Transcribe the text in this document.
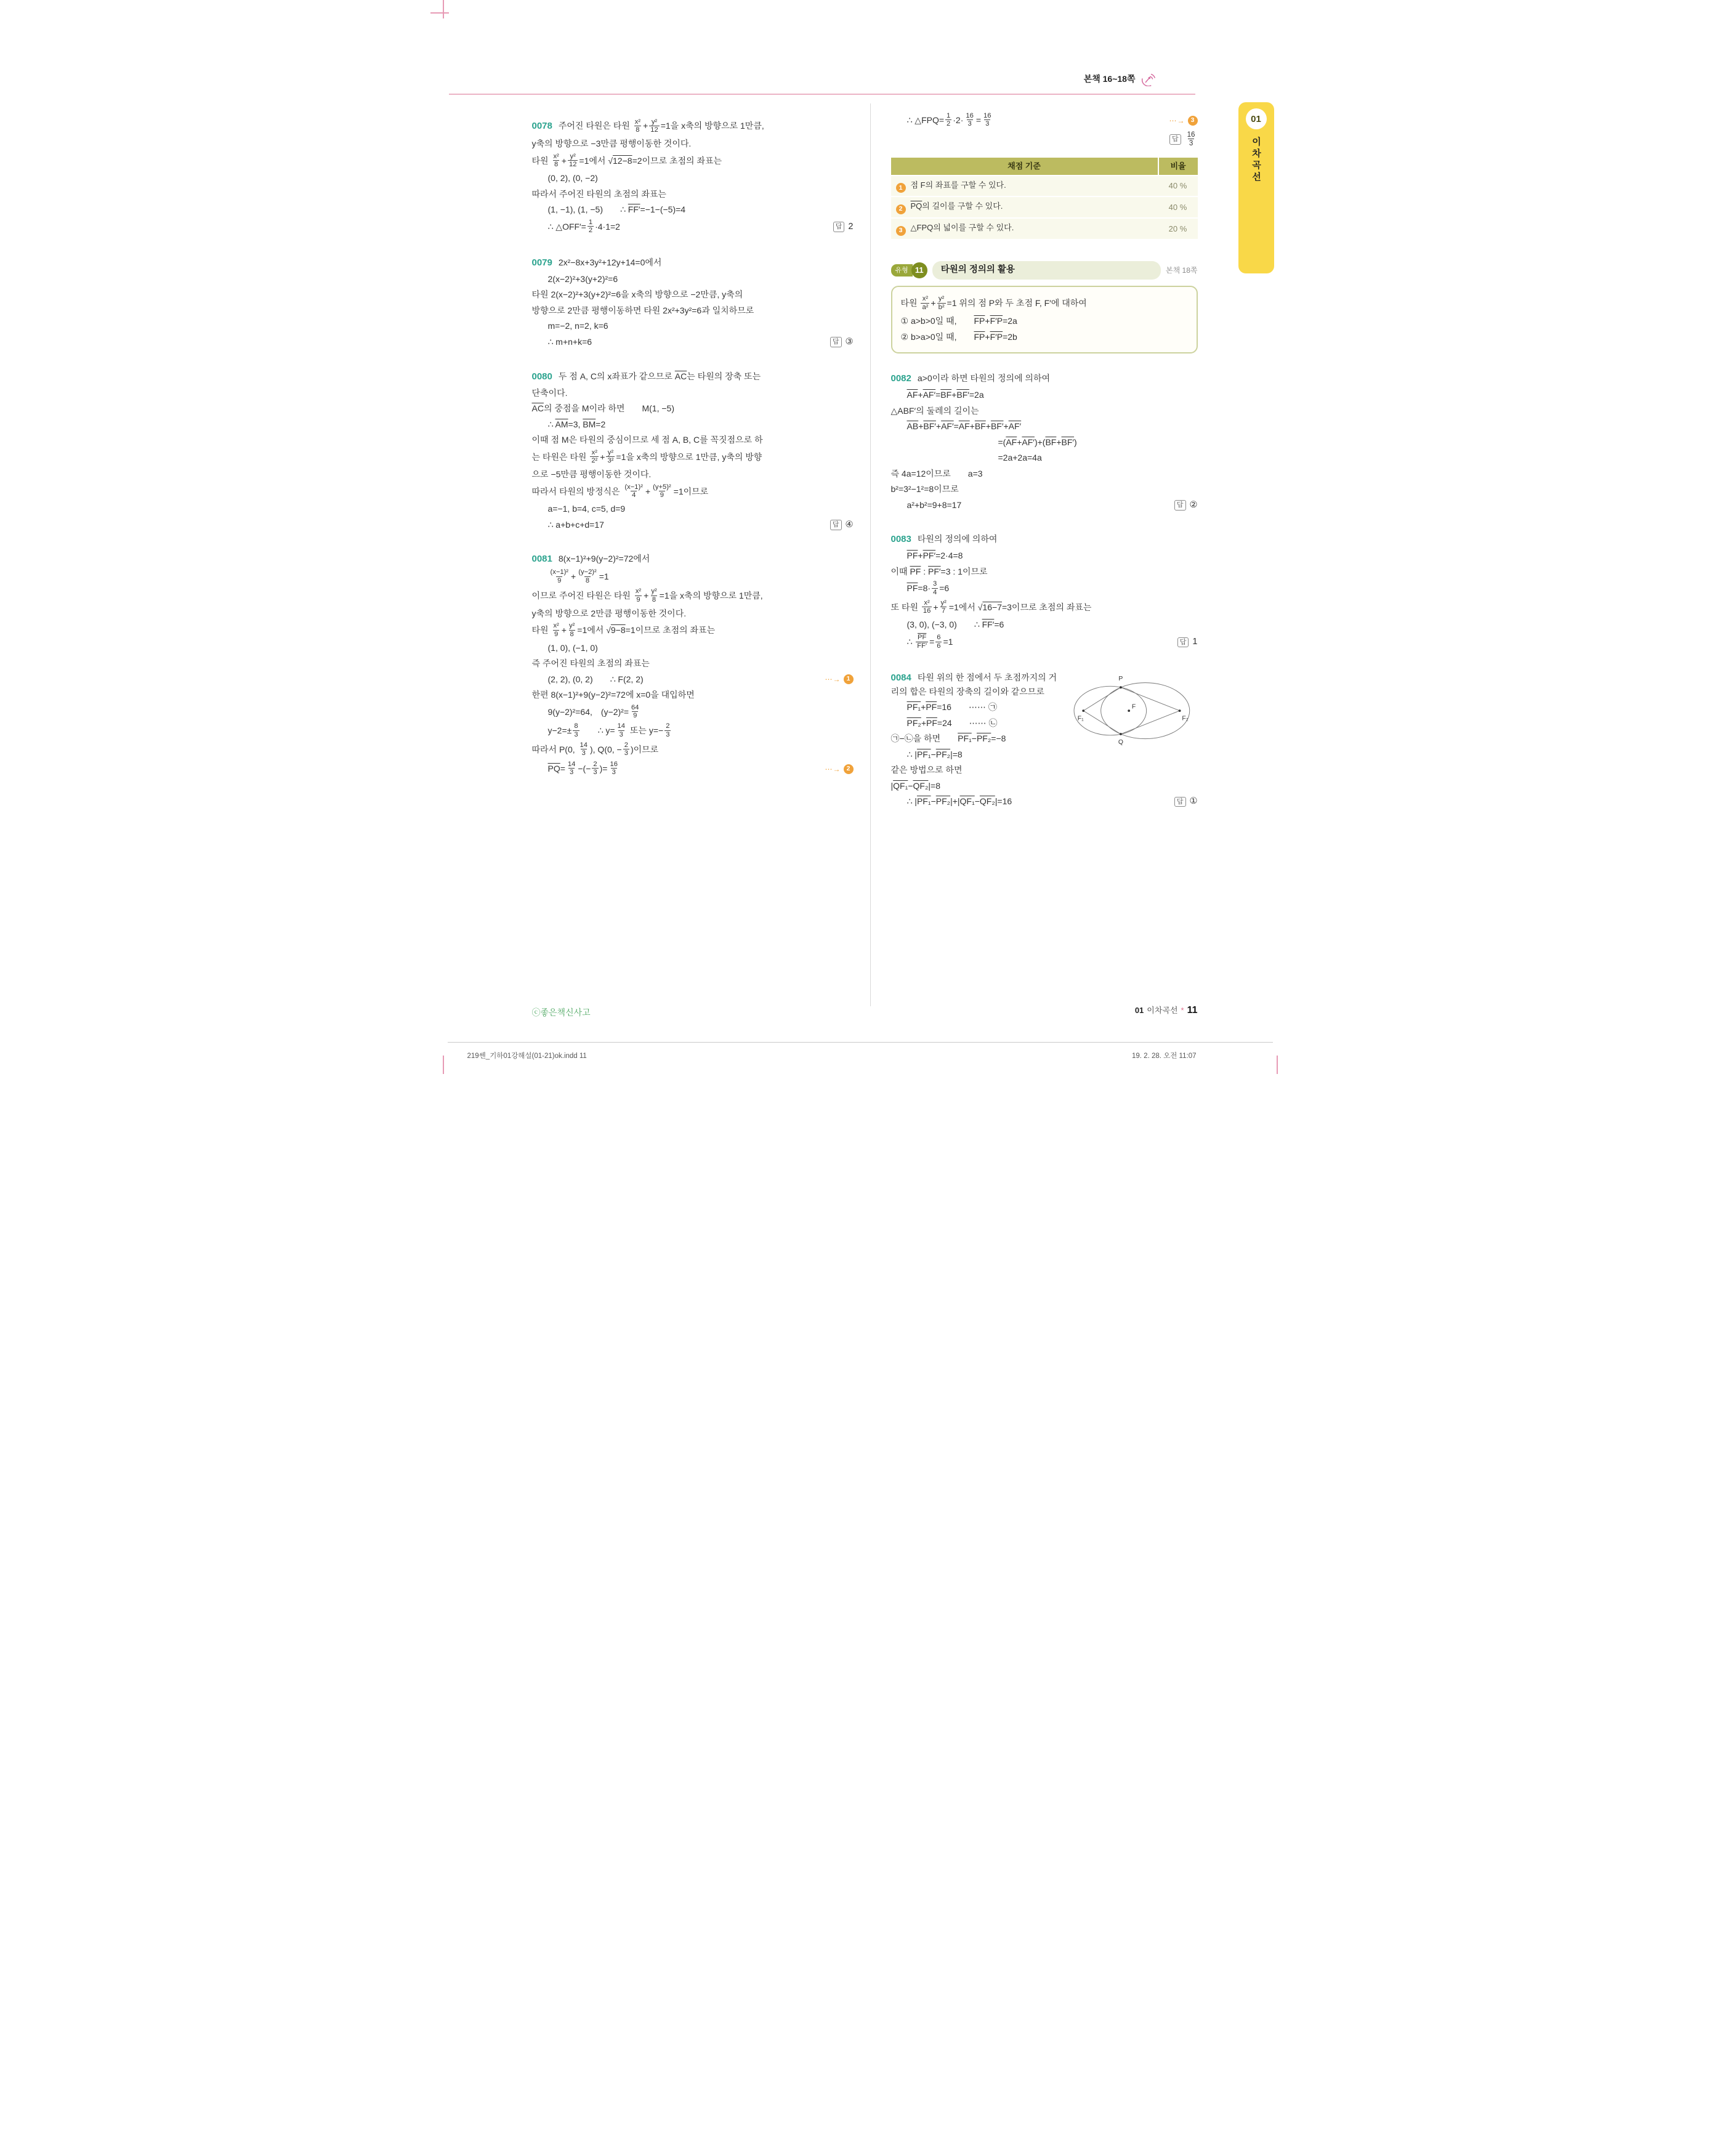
본책 16~18쪽
01
이차곡선
0078 주어진 타원은 타원 $\frac{\text{x²}}{8} + \frac{\text{y²}}{12} =1$을 x축의 방향으로 1만큼,
y축의 방향으로 −3만큼 평행이동한 것이다.
타원 $\frac{\text{x²}}{8} + \frac{\text{y²}}{12} =1$에서 √12−8=2이므로 초점의 좌표는
(0, 2), (0, −2)
따라서 주어진 타원의 초점의 좌표는
(1, −1), (1, −5)  ∴ FF′=−1−(−5)=4
∴ △OFF′= $\frac{1}{2} \cdot 4\cdot 1=2$	답 2
0079 2x²−8x+3y²+12y+14=0에서
2(x−2)²+3(y+2)²=6
타원 2(x−2)²+3(y+2)²=6을 x축의 방향으로 −2만큼, y축의
방향으로 2만큼 평행이동하면 타원 2x²+3y²=6과 일치하므로
m=−2, n=2, k=6
∴ m+n+k=6	답 ③
0080 두 점 A, C의 x좌표가 같으므로 $\overline{AC}$는 타원의 장축 또는
단축이다.
$\overline{AC}$의 중점을 M이라 하면  M(1, −5)
∴ $\overline{AM}=3$, $\overline{BM}=2$
이때 점 M은 타원의 중심이므로 세 점 A, B, C를 꼭짓점으로 하
는 타원은 타원 $\frac{\text{x²}}{\text{2²}} + \frac{\text{y²}}{\text{3²}} =1$을 x축의 방향으로 1만큼, y축의 방향
으로 −5만큼 평행이동한 것이다.
따라서 타원의 방정식은 $\frac{\text{(x−1)²}}{4} + \frac{\text{(y+5)²}}{9} =1$이므로
a=−1, b=4, c=5, d=9
∴ a+b+c+d=17	답 ④
0081 8(x−1)²+9(y−2)²=72에서
$\frac{\text{(x−1)²}}{9} + \frac{\text{(y−2)²}}{8} =1$
이므로 주어진 타원은 타원 $\frac{\text{x²}}{9} + \frac{\text{y²}}{8} =1$을 x축의 방향으로 1만큼,
y축의 방향으로 2만큼 평행이동한 것이다.
타원 $\frac{\text{x²}}{9} + \frac{\text{y²}}{8} =1$에서 √9−8=1이므로 초점의 좌표는
(1, 0), (−1, 0)
즉 주어진 타원의 초점의 좌표는
(2, 2), (0, 2)  ∴ F(2, 2)	⋯→ 1
한편 8(x−1)²+9(y−2)²=72에 x=0을 대입하면
9(y−2)²=64, $(y-2)^2= \frac{64}{9}$
$y-2=\pm \frac{8}{3}$   ∴ $y= \frac{14}{3}$ 또는 $y=- \frac{2}{3}$
따라서 P(0, $\frac{14}{3}$ ), Q(0, − $\frac{2}{3}$ )이므로
$\overline{PQ}= \frac{14}{3}$ −(− $\frac{2}{3}$ )= $\frac{16}{3}$	⋯→ 2
∴ △FPQ= $\frac{1}{2} \cdot 2\cdot \frac{16}{3} = \frac{16}{3}$	⋯→ 3
답	$\frac{16}{3}$
채점 기준	비율
1 점 F의 좌표를 구할 수 있다.	40 %
2 $\overline{PQ}$의 길이를 구할 수 있다.	40 %
3 △FPQ의 넓이를 구할 수 있다.	20 %
유형 11	타원의 정의의 활용	본책 18쪽
타원 $\frac{\text{x²}}{\text{a²}} + \frac{\text{y²}}{\text{b²}} =1$ 위의 점 P와 두 초점 F, F′에 대하여
① a>b>0일 때,  $\overline{FP}+F'P=2a$
② b>a>0일 때,  $\overline{FP}+F'P=2b$
0082 a>0이라 하면 타원의 정의에 의하여
$\overline{AF}+AF'=\overline{BF}+BF'=2a$
△ABF′의 둘레의 길이는
$\overline{AB}+BF'+AF'=\overline{AF}+\overline{BF}+BF'+AF'$
$=(\overline{AF}+AF')+(\overline{BF}+BF')$
=2a+2a=4a
즉 4a=12이므로  a=3
b²=3²−1²=8이므로
a²+b²=9+8=17	답 ②
0083 타원의 정의에 의하여
$\overline{PF}+PF'=2\cdot 4=8$
이때 $\overline{PF}$ : PF′=3 : 1이므로
$\overline{PF}=8\cdot \frac{3}{4} =6$
또 타원 $\frac{\text{x²}}{16} + \frac{\text{y²}}{7} =1$에서 √16−7=3이므로 초점의 좌표는
(3, 0), (−3, 0)  ∴ FF′=6
∴ $\frac{\overline{PF}}{FF'} = \frac{6}{6} =1$	답 1
P
Q
F₁
F
F₂
0084 타원 위의 한 점에서 두 초점까지의 거리의 합은 타원의 장축의 길이와 같으므로
$PF_1+\overline{PF}=16$  ⋯⋯ ㉠
$PF_2+\overline{PF}=24$  ⋯⋯ ㉡
㉠−㉡을 하면  PF₁−PF₂=−8
∴ |PF₁−PF₂|=8
같은 방법으로 하면
|QF₁−QF₂|=8
∴ |PF₁−PF₂|+|QF₁−QF₂|=16	답 ①
ⓒ좋은책신사고	01 이차곡선 * 11
219쎈_기하01강해설(01-21)ok.indd 11	19. 2. 28. 오전 11:07
